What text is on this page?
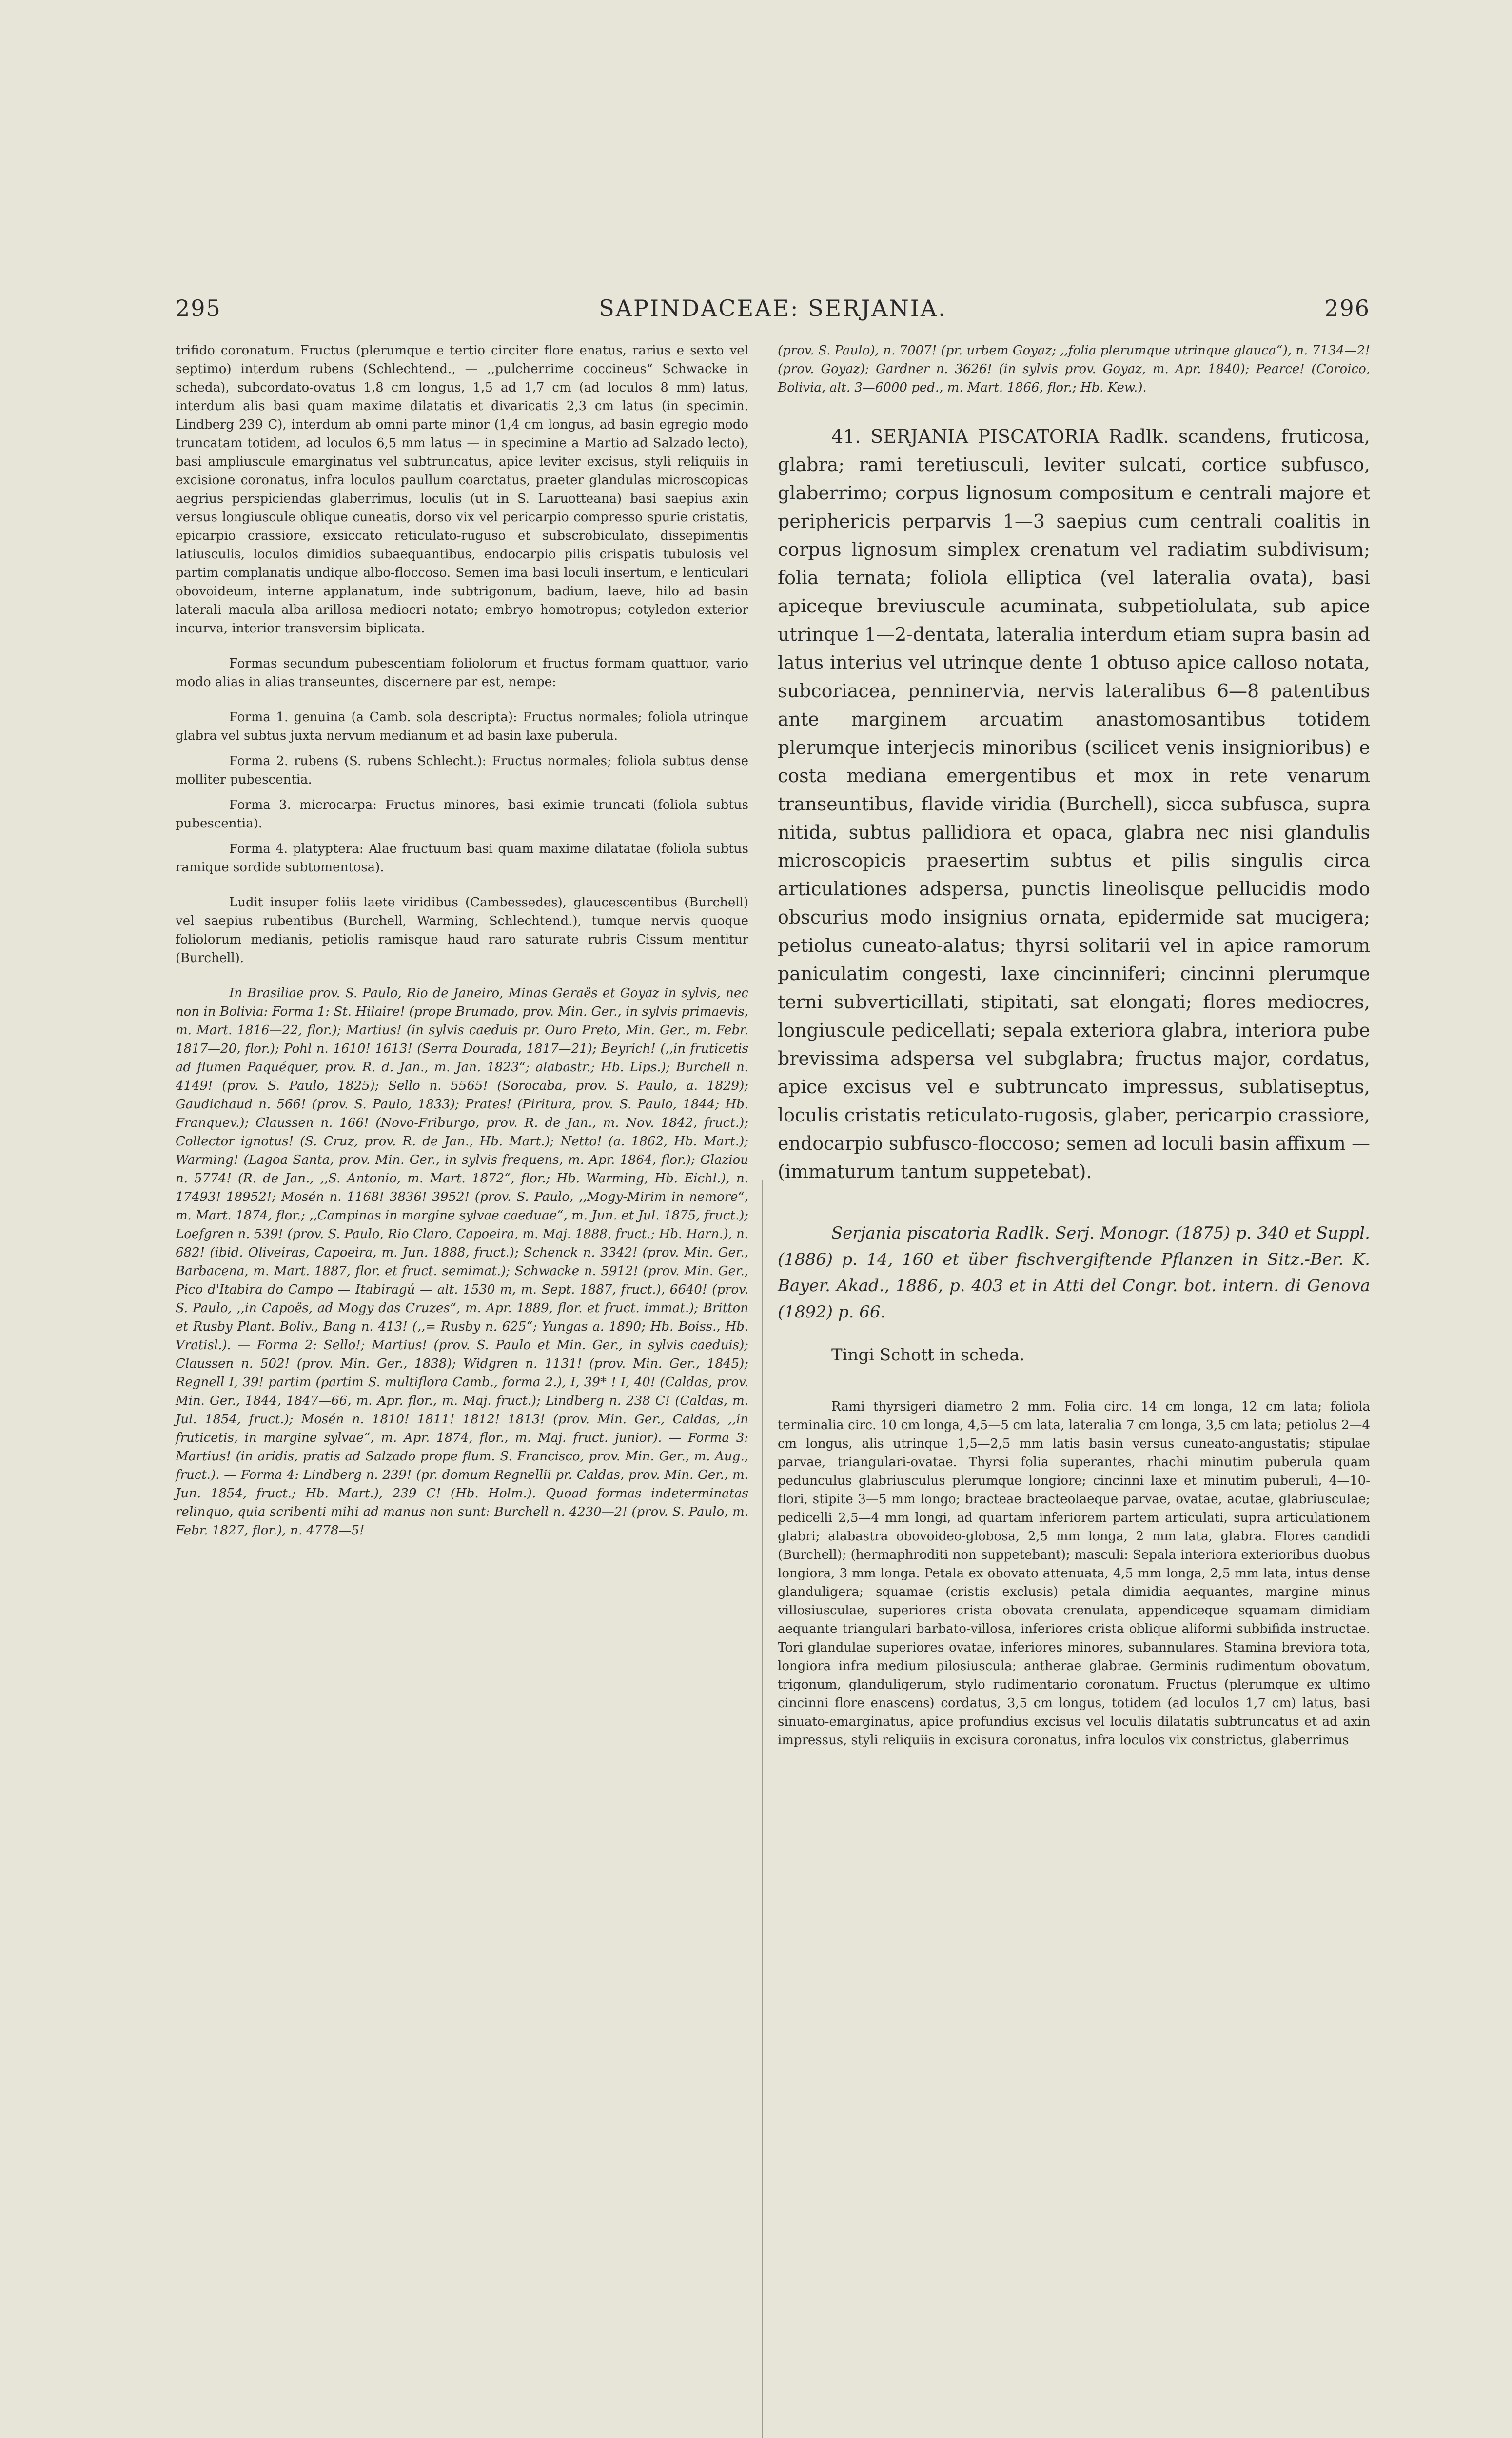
295	SAPINDACEAE: SERJANIA.	296

trifido coronatum. Fructus (plerumque e tertio circiter flore enatus, rarius e sexto vel septimo) interdum rubens (Schlechtend., — ,,pulcherrime coccineus“ Schwacke in scheda), subcordato-ovatus 1,8 cm longus, 1,5 ad 1,7 cm (ad loculos 8 mm) latus, interdum alis basi quam maxime dilatatis et divaricatis 2,3 cm latus (in specimin. Lindberg 239 C), interdum ab omni parte minor (1,4 cm longus, ad basin egregio modo truncatam totidem, ad loculos 6,5 mm latus — in specimine a Martio ad Salzado lecto), basi ampliuscule emarginatus vel subtruncatus, apice leviter excisus, styli reliquiis in excisione coronatus, infra loculos paullum coarctatus, praeter glandulas microscopicas aegrius perspiciendas glaberrimus, loculis (ut in S. Laruotteana) basi saepius axin versus longiuscule oblique cuneatis, dorso vix vel pericarpio compresso spurie cristatis, epicarpio crassiore, exsiccato reticulato-ruguso et subscrobiculato, dissepimentis latiusculis, loculos dimidios subaequantibus, endocarpio pilis crispatis tubulosis vel partim complanatis undique albo-floccoso. Semen ima basi loculi insertum, e lenticulari obovoideum, interne applanatum, inde subtrigonum, badium, laeve, hilo ad basin laterali macula alba arillosa mediocri notato; embryo homotropus; cotyledon exterior incurva, interior transversim biplicata.

Formas secundum pubescentiam foliolorum et fructus formam quattuor, vario modo alias in alias transeuntes, discernere par est, nempe:

Forma 1. genuina (a Camb. sola descripta): Fructus normales; foliola utrinque glabra vel subtus juxta nervum medianum et ad basin laxe puberula.

Forma 2. rubens (S. rubens Schlecht.): Fructus normales; foliola subtus dense molliter pubescentia.

Forma 3. microcarpa: Fructus minores, basi eximie truncati (foliola subtus pubescentia).

Forma 4. platyptera: Alae fructuum basi quam maxime dilatatae (foliola subtus ramique sordide subtomentosa).

Ludit insuper foliis laete viridibus (Cambessedes), glaucescentibus (Burchell) vel saepius rubentibus (Burchell, Warming, Schlechtend.), tumque nervis quoque foliolorum medianis, petiolis ramisque haud raro saturate rubris Cissum mentitur (Burchell).

In Brasiliae prov. S. Paulo, Rio de Janeiro, Minas Geraës et Goyaz in sylvis, nec non in Bolivia: Forma 1: St. Hilaire! (prope Brumado, prov. Min. Ger., in sylvis primaevis, m. Mart. 1816—22, flor.); Martius! (in sylvis caeduis pr. Ouro Preto, Min. Ger., m. Febr. 1817—20, flor.); Pohl n. 1610! 1613! (Serra Dourada, 1817—21); Beyrich! (,,in fruticetis ad flumen Paquéquer, prov. R. d. Jan., m. Jan. 1823“; alabastr.; Hb. Lips.); Burchell n. 4149! (prov. S. Paulo, 1825); Sello n. 5565! (Sorocaba, prov. S. Paulo, a. 1829); Gaudichaud n. 566! (prov. S. Paulo, 1833); Prates! (Piritura, prov. S. Paulo, 1844; Hb. Franquev.); Claussen n. 166! (Novo-Friburgo, prov. R. de Jan., m. Nov. 1842, fruct.); Collector ignotus! (S. Cruz, prov. R. de Jan., Hb. Mart.); Netto! (a. 1862, Hb. Mart.); Warming! (Lagoa Santa, prov. Min. Ger., in sylvis frequens, m. Apr. 1864, flor.); Glaziou n. 5774! (R. de Jan., ,,S. Antonio, m. Mart. 1872“, flor.; Hb. Warming, Hb. Eichl.), n. 17493! 18952!; Mosén n. 1168! 3836! 3952! (prov. S. Paulo, ,,Mogy-Mirim in nemore“, m. Mart. 1874, flor.; ,,Campinas in margine sylvae caeduae“, m. Jun. et Jul. 1875, fruct.); Loefgren n. 539! (prov. S. Paulo, Rio Claro, Capoeira, m. Maj. 1888, fruct.; Hb. Harn.), n. 682! (ibid. Oliveiras, Capoeira, m. Jun. 1888, fruct.); Schenck n. 3342! (prov. Min. Ger., Barbacena, m. Mart. 1887, flor. et fruct. semimat.); Schwacke n. 5912! (prov. Min. Ger., Pico d'Itabira do Campo — Itabiragú — alt. 1530 m, m. Sept. 1887, fruct.), 6640! (prov. S. Paulo, ,,in Capoës, ad Mogy das Cruzes“, m. Apr. 1889, flor. et fruct. immat.); Britton et Rusby Plant. Boliv., Bang n. 413! (,,= Rusby n. 625“; Yungas a. 1890; Hb. Boiss., Hb. Vratisl.). — Forma 2: Sello!; Martius! (prov. S. Paulo et Min. Ger., in sylvis caeduis); Claussen n. 502! (prov. Min. Ger., 1838); Widgren n. 1131! (prov. Min. Ger., 1845); Regnell I, 39! partim (partim S. multiflora Camb., forma 2.), I, 39* ! I, 40! (Caldas, prov. Min. Ger., 1844, 1847—66, m. Apr. flor., m. Maj. fruct.); Lindberg n. 238 C! (Caldas, m. Jul. 1854, fruct.); Mosén n. 1810! 1811! 1812! 1813! (prov. Min. Ger., Caldas, ,,in fruticetis, in margine sylvae“, m. Apr. 1874, flor., m. Maj. fruct. junior). — Forma 3: Martius! (in aridis, pratis ad Salzado prope flum. S. Francisco, prov. Min. Ger., m. Aug., fruct.). — Forma 4: Lindberg n. 239! (pr. domum Regnellii pr. Caldas, prov. Min. Ger., m. Jun. 1854, fruct.; Hb. Mart.), 239 C! (Hb. Holm.). Quoad formas indeterminatas relinquo, quia scribenti mihi ad manus non sunt: Burchell n. 4230—2! (prov. S. Paulo, m. Febr. 1827, flor.), n. 4778—5!

(prov. S. Paulo), n. 7007! (pr. urbem Goyaz; ,,folia plerumque utrinque glauca“), n. 7134—2! (prov. Goyaz); Gardner n. 3626! (in sylvis prov. Goyaz, m. Apr. 1840); Pearce! (Coroico, Bolivia, alt. 3—6000 ped., m. Mart. 1866, flor.; Hb. Kew.).

41. SERJANIA PISCATORIA Radlk. scandens, fruticosa, glabra; rami teretiusculi, leviter sulcati, cortice subfusco, glaberrimo; corpus lignosum compositum e centrali majore et periphericis perparvis 1—3 saepius cum centrali coalitis in corpus lignosum simplex crenatum vel radiatim subdivisum; folia ternata; foliola elliptica (vel lateralia ovata), basi apiceque breviuscule acuminata, subpetiolulata, sub apice utrinque 1—2-dentata, lateralia interdum etiam supra basin ad latus interius vel utrinque dente 1 obtuso apice calloso notata, subcoriacea, penninervia, nervis lateralibus 6—8 patentibus ante marginem arcuatim anastomosantibus totidem plerumque interjecis minoribus (scilicet venis insignioribus) e costa mediana emergentibus et mox in rete venarum transeuntibus, flavide viridia (Burchell), sicca subfusca, supra nitida, subtus pallidiora et opaca, glabra nec nisi glandulis microscopicis praesertim subtus et pilis singulis circa articulationes adspersa, punctis lineolisque pellucidis modo obscurius modo insignius ornata, epidermide sat mucigera; petiolus cuneato-alatus; thyrsi solitarii vel in apice ramorum paniculatim congesti, laxe cincinniferi; cincinni plerumque terni subverticillati, stipitati, sat elongati; flores mediocres, longiuscule pedicellati; sepala exteriora glabra, interiora pube brevissima adspersa vel subglabra; fructus major, cordatus, apice excisus vel e subtruncato impressus, sublatiseptus, loculis cristatis reticulato-rugosis, glaber, pericarpio crassiore, endocarpio subfusco-floccoso; semen ad loculi basin affixum — (immaturum tantum suppetebat).

Serjania piscatoria Radlk. Serj. Monogr. (1875) p. 340 et Suppl. (1886) p. 14, 160 et über fischvergiftende Pflanzen in Sitz.-Ber. K. Bayer. Akad., 1886, p. 403 et in Atti del Congr. bot. intern. di Genova (1892) p. 66.

Tingi Schott in scheda.

Rami thyrsigeri diametro 2 mm. Folia circ. 14 cm longa, 12 cm lata; foliola terminalia circ. 10 cm longa, 4,5—5 cm lata, lateralia 7 cm longa, 3,5 cm lata; petiolus 2—4 cm longus, alis utrinque 1,5—2,5 mm latis basin versus cuneato-angustatis; stipulae parvae, triangulari-ovatae. Thyrsi folia superantes, rhachi minutim puberula quam pedunculus glabriusculus plerumque longiore; cincinni laxe et minutim puberuli, 4—10-flori, stipite 3—5 mm longo; bracteae bracteolaeque parvae, ovatae, acutae, glabriusculae; pedicelli 2,5—4 mm longi, ad quartam inferiorem partem articulati, supra articulationem glabri; alabastra obovoideo-globosa, 2,5 mm longa, 2 mm lata, glabra. Flores candidi (Burchell); (hermaphroditi non suppetebant); masculi: Sepala interiora exterioribus duobus longiora, 3 mm longa. Petala ex obovato attenuata, 4,5 mm longa, 2,5 mm lata, intus dense glanduligera; squamae (cristis exclusis) petala dimidia aequantes, margine minus villosiusculae, superiores crista obovata crenulata, appendiceque squamam dimidiam aequante triangulari barbato-villosa, inferiores crista oblique aliformi subbifida instructae. Tori glandulae superiores ovatae, inferiores minores, subannulares. Stamina breviora tota, longiora infra medium pilosiuscula; antherae glabrae. Germinis rudimentum obovatum, trigonum, glanduligerum, stylo rudimentario coronatum. Fructus (plerumque ex ultimo cincinni flore enascens) cordatus, 3,5 cm longus, totidem (ad loculos 1,7 cm) latus, basi sinuato-emarginatus, apice profundius excisus vel loculis dilatatis subtruncatus et ad axin impressus, styli reliquiis in excisura coronatus, infra loculos vix constrictus, glaberrimus
